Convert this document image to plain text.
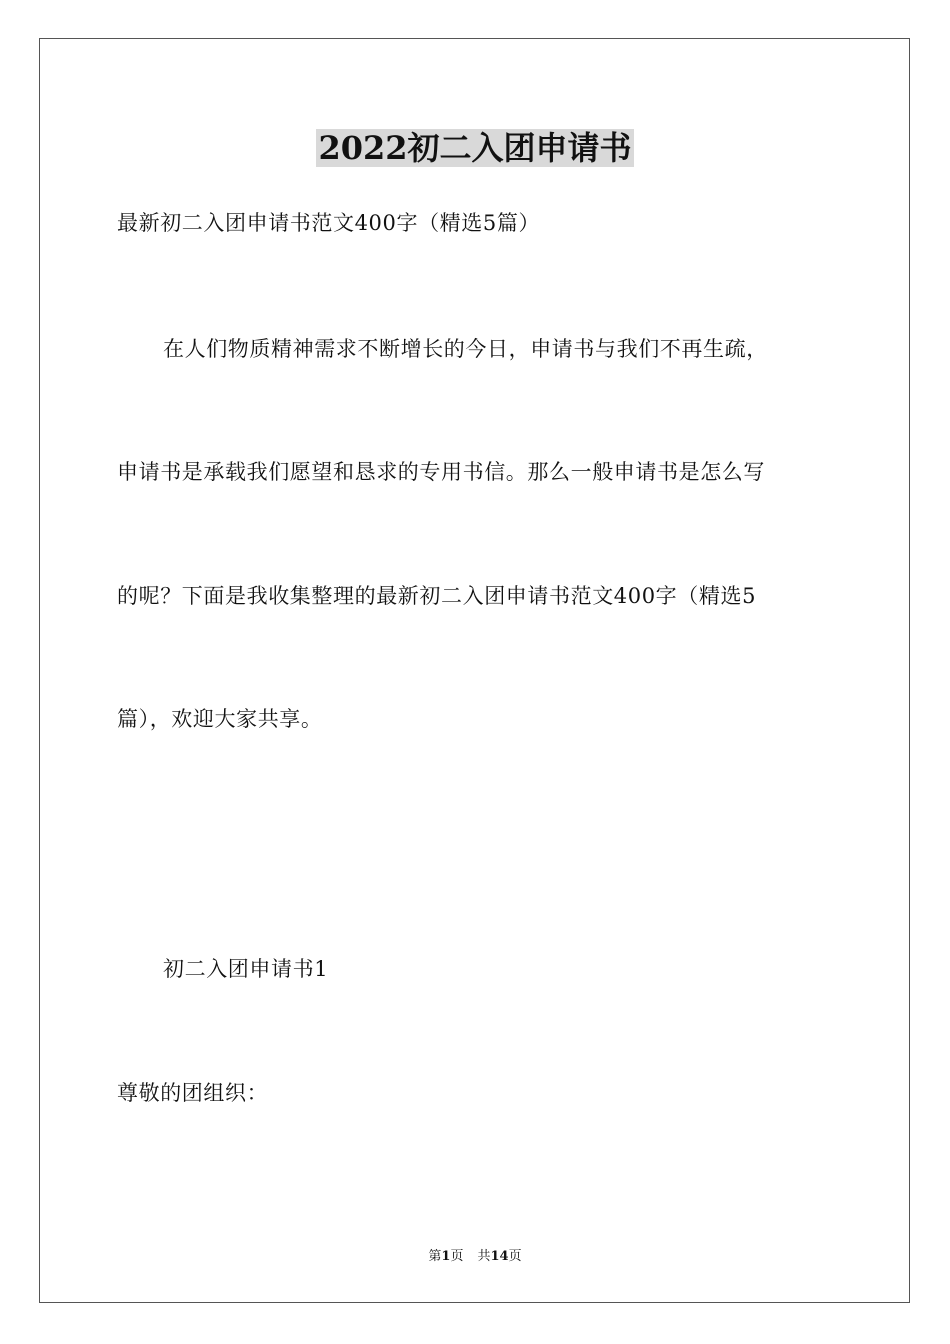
2022初二入团申请书
最新初二入团申请书范文400字（精选5篇）
在人们物质精神需求不断增长的今日，申请书与我们不再生疏，
申请书是承载我们愿望和恳求的专用书信。那么一般申请书是怎么写
的呢？下面是我收集整理的最新初二入团申请书范文400字（精选5
篇），欢迎大家共享。
初二入团申请书1
尊敬的团组织：
第1页 共14页
